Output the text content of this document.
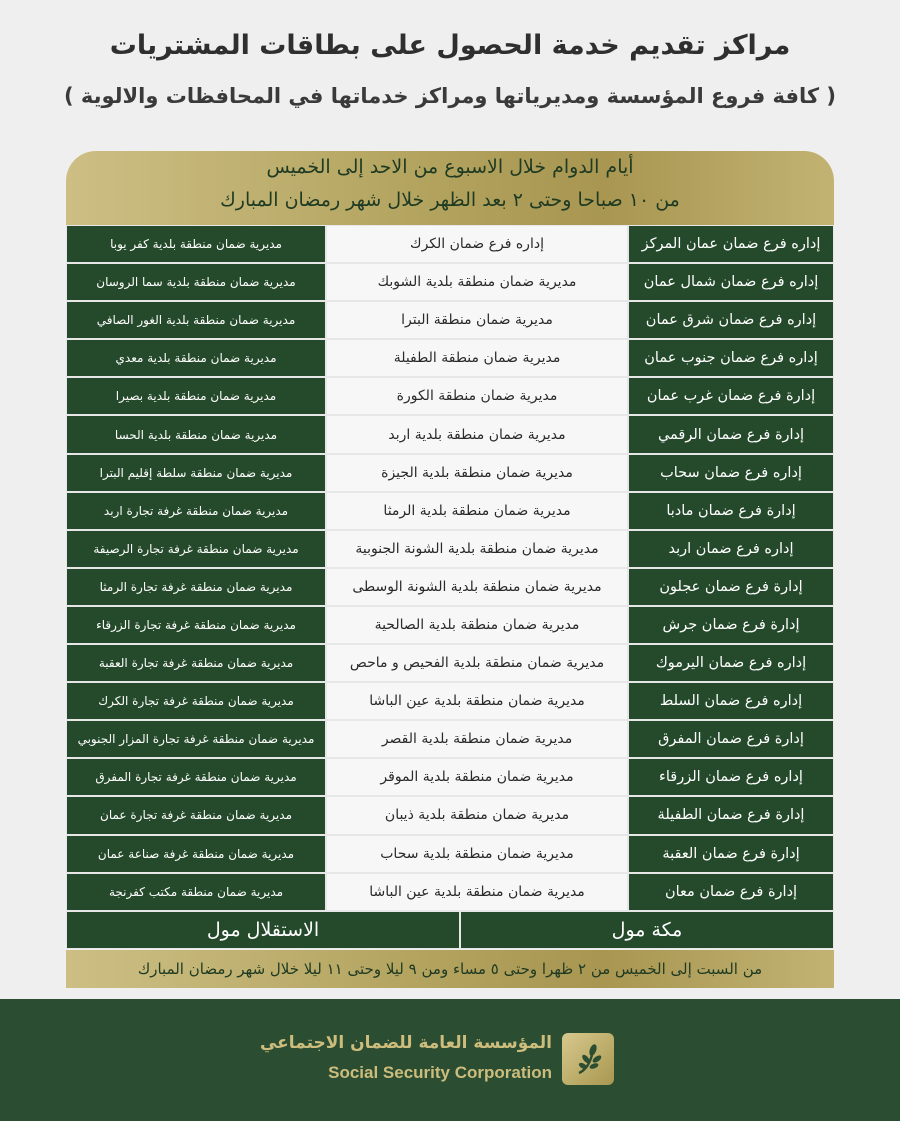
مراكز تقديم خدمة الحصول على بطاقات المشتريات
( كافة فروع المؤسسة ومديرياتها ومراكز خدماتها في المحافظات والالوية )
أيام الدوام خلال الاسبوع من الاحد إلى الخميس
من ١٠ صباحا وحتى ٢ بعد الظهر خلال شهر رمضان المبارك
إداره فرع ضمان عمان المركز
إداره فرع ضمان الكرك
مديرية ضمان منطقة بلدية كفر يوبا
إداره فرع ضمان شمال عمان
مديرية ضمان منطقة بلدية الشوبك
مديرية ضمان منطقة بلدية سما الروسان
إداره فرع ضمان شرق عمان
مديرية ضمان منطقة البترا
مديرية ضمان منطقة بلدية الغور الصافي
إداره فرع ضمان جنوب عمان
مديرية ضمان منطقة الطفيلة
مديرية ضمان منطقة بلدية معدي
إدارة فرع ضمان غرب عمان
مديرية ضمان منطقة الكورة
مديرية ضمان منطقة بلدية بصيرا
إدارة فرع ضمان الرقمي
مديرية ضمان منطقة بلدية اربد
مديرية ضمان منطقة بلدية الحسا
إداره فرع ضمان سحاب
مديرية ضمان منطقة بلدية الجيزة
مديرية ضمان منطقة سلطة إقليم البترا
إدارة فرع ضمان مادبا
مديرية ضمان منطقة بلدية الرمثا
مديرية ضمان منطقة غرفة تجارة اربد
إداره فرع ضمان اربد
مديرية ضمان منطقة بلدية الشونة الجنوبية
مديرية ضمان منطقة غرفة تجارة الرصيفة
إدارة فرع ضمان عجلون
مديرية ضمان منطقة بلدية الشونة الوسطى
مديرية ضمان منطقة غرفة تجارة الرمثا
إدارة فرع ضمان جرش
مديرية ضمان منطقة بلدية الصالحية
مديرية ضمان منطقة غرفة تجارة الزرقاء
إداره فرع ضمان اليرموك
مديرية ضمان منطقة بلدية الفحيص و ماحص
مديرية ضمان منطقة غرفة تجارة العقبة
إداره فرع ضمان السلط
مديرية ضمان منطقة بلدية عين الباشا
مديرية ضمان منطقة غرفة تجارة الكرك
إدارة فرع ضمان المفرق
مديرية ضمان منطقة بلدية القصر
مديرية ضمان منطقة غرفة تجارة المزار الجنوبي
إداره فرع ضمان الزرقاء
مديرية ضمان منطقة بلدية الموقر
مديرية ضمان منطقة غرفة تجارة المفرق
إدارة فرع ضمان الطفيلة
مديرية ضمان منطقة بلدية ذيبان
مديرية ضمان منطقة غرفة تجارة عمان
إدارة فرع ضمان العقبة
مديرية ضمان منطقة بلدية سحاب
مديرية ضمان منطقة غرفة صناعة عمان
إدارة فرع ضمان معان
مديرية ضمان منطقة بلدية عين الباشا
مديرية ضمان منطقة مكتب كفرنجة
مكة مول
الاستقلال مول
من السبت إلى الخميس من ٢ ظهرا وحتى ٥ مساء ومن ٩ ليلا وحتى ١١ ليلا خلال شهر رمضان المبارك
المؤسسة العامة للضمان الاجتماعي
Social Security Corporation
